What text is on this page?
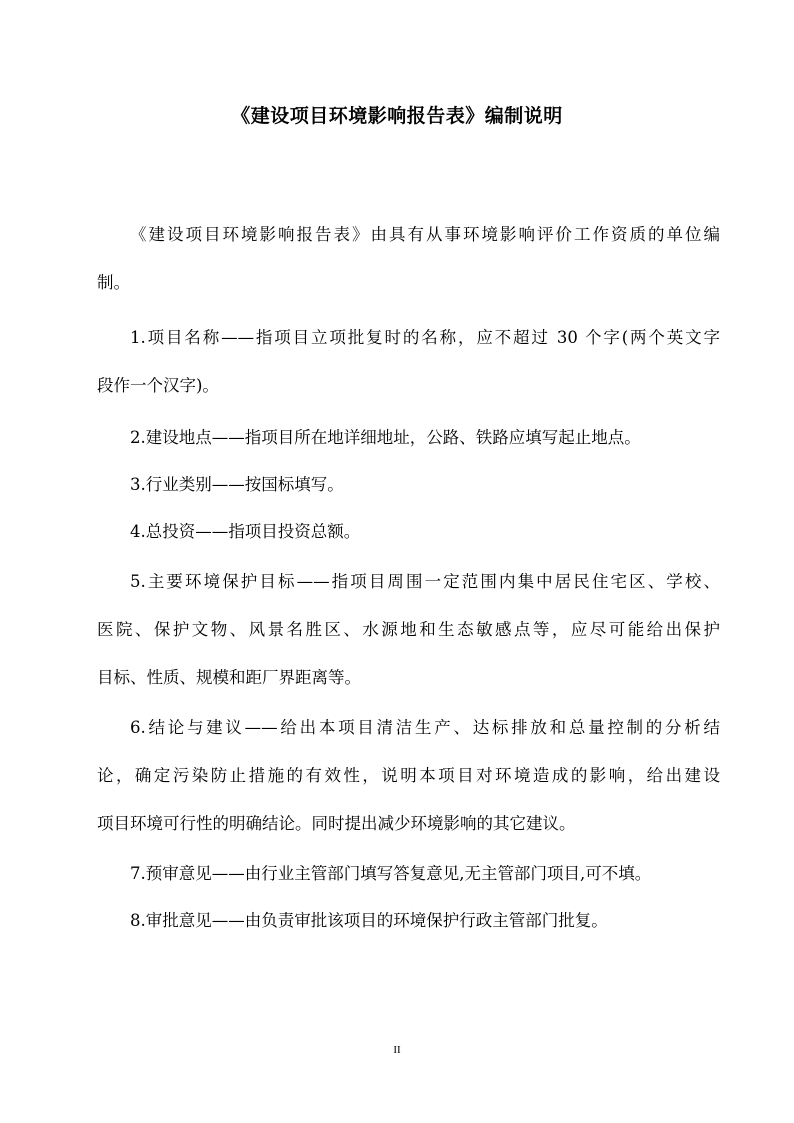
《建设项目环境影响报告表》编制说明
《建设项目环境影响报告表》由具有从事环境影响评价工作资质的单位编
制。
1.项目名称——指项目立项批复时的名称，应不超过 30 个字(两个英文字
段作一个汉字)。
2.建设地点——指项目所在地详细地址，公路、铁路应填写起止地点。
3.行业类别——按国标填写。
4.总投资——指项目投资总额。
5.主要环境保护目标——指项目周围一定范围内集中居民住宅区、学校、
医院、保护文物、风景名胜区、水源地和生态敏感点等，应尽可能给出保护
目标、性质、规模和距厂界距离等。
6.结论与建议——给出本项目清洁生产、达标排放和总量控制的分析结
论，确定污染防止措施的有效性，说明本项目对环境造成的影响，给出建设
项目环境可行性的明确结论。同时提出减少环境影响的其它建议。
7.预审意见——由行业主管部门填写答复意见,无主管部门项目,可不填。
8.审批意见——由负责审批该项目的环境保护行政主管部门批复。
II
